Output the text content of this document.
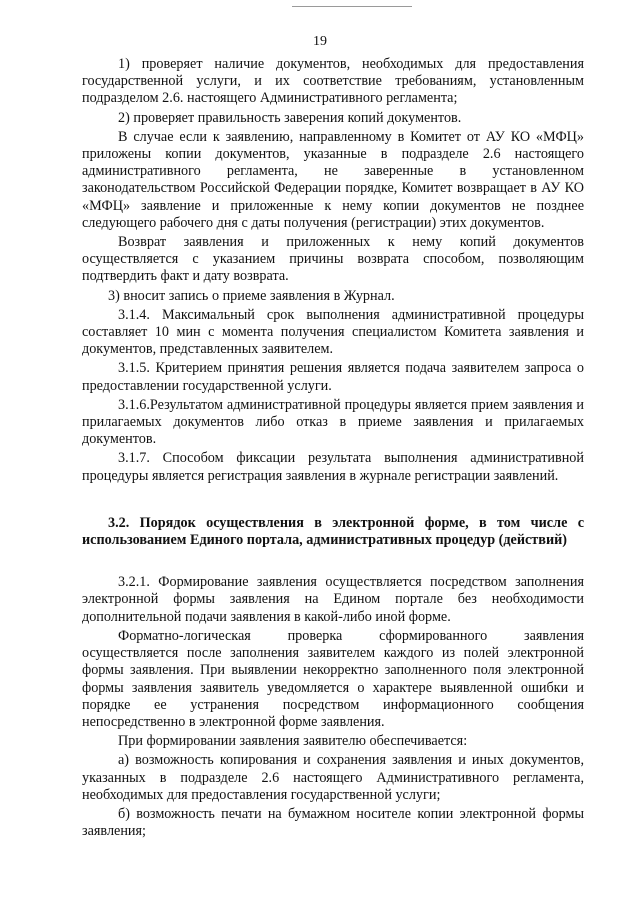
19

1) проверяет наличие документов, необходимых для предоставления государственной услуги, и их соответствие требованиям, установленным подразделом 2.6. настоящего Административного регламента;

2) проверяет правильность заверения копий документов.

В случае если к заявлению, направленному в Комитет от АУ КО «МФЦ» приложены копии документов, указанные в подразделе 2.6 настоящего административного регламента, не заверенные в установленном законодательством Российской Федерации порядке, Комитет возвращает в АУ КО «МФЦ» заявление и приложенные к нему копии документов не позднее следующего рабочего дня с даты получения (регистрации) этих документов.

Возврат заявления и приложенных к нему копий документов осуществляется с указанием причины возврата способом, позволяющим подтвердить факт и дату возврата.

3) вносит запись о приеме заявления в Журнал.

3.1.4. Максимальный срок выполнения административной процедуры составляет 10 мин с момента получения специалистом Комитета заявления и документов, представленных заявителем.

3.1.5. Критерием принятия решения является подача заявителем запроса о предоставлении государственной услуги.

3.1.6.Результатом административной процедуры является прием заявления и прилагаемых документов либо отказ в приеме заявления и прилагаемых документов.

3.1.7. Способом фиксации результата выполнения административной процедуры является регистрация заявления в журнале регистрации заявлений.

3.2. Порядок осуществления в электронной форме, в том числе с использованием Единого портала, административных процедур (действий)

3.2.1. Формирование заявления осуществляется посредством заполнения электронной формы заявления на Едином портале без необходимости дополнительной подачи заявления в какой-либо иной форме.

Форматно-логическая проверка сформированного заявления осуществляется после заполнения заявителем каждого из полей электронной формы заявления. При выявлении некорректно заполненного поля электронной формы заявления заявитель уведомляется о характере выявленной ошибки и порядке ее устранения посредством информационного сообщения непосредственно в электронной форме заявления.

При формировании заявления заявителю обеспечивается:

а) возможность копирования и сохранения заявления и иных документов, указанных в подразделе 2.6 настоящего Административного регламента, необходимых для предоставления государственной услуги;

б) возможность печати на бумажном носителе копии электронной формы заявления;
